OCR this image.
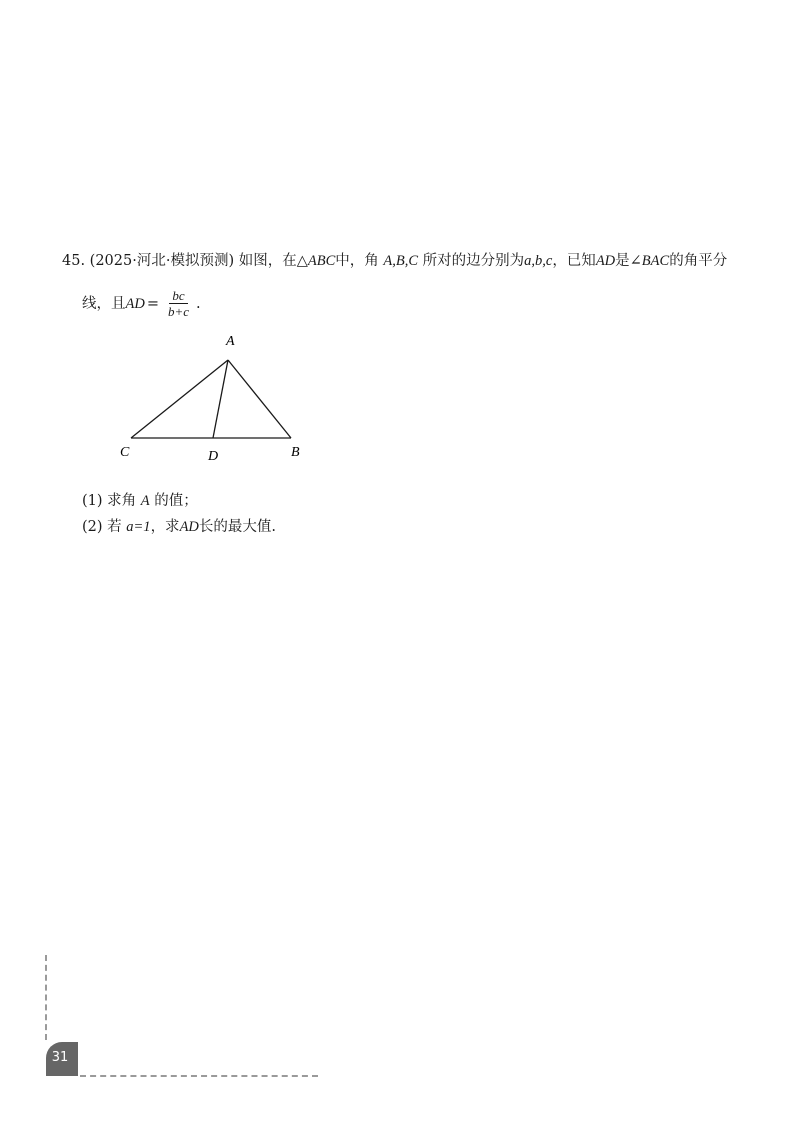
45. (2025·河北·模拟预测) 如图，在△ABC中，角 A,B,C 所对的边分别为a,b,c，已知AD是∠BAC的角平分
线，且 AD = $\frac{bc}{b+c}$ .
A
C	D	B
(1) 求角 A 的值；
(2) 若 a=1，求AD长的最大值.
31
